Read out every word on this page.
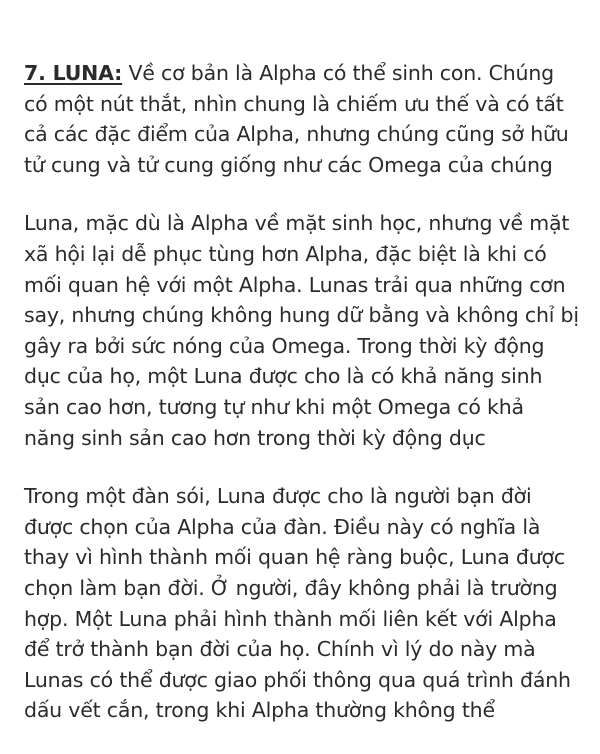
7. LUNA: Về cơ bản là Alpha có thể sinh con. Chúng có một nút thắt, nhìn chung là chiếm ưu thế và có tất cả các đặc điểm của Alpha, nhưng chúng cũng sở hữu tử cung và tử cung giống như các Omega của chúng

Luna, mặc dù là Alpha về mặt sinh học, nhưng về mặt xã hội lại dễ phục tùng hơn Alpha, đặc biệt là khi có mối quan hệ với một Alpha. Lunas trải qua những cơn say, nhưng chúng không hung dữ bằng và không chỉ bị gây ra bởi sức nóng của Omega. Trong thời kỳ động dục của họ, một Luna được cho là có khả năng sinh sản cao hơn, tương tự như khi một Omega có khả năng sinh sản cao hơn trong thời kỳ động dục

Trong một đàn sói, Luna được cho là người bạn đời được chọn của Alpha của đàn. Điều này có nghĩa là thay vì hình thành mối quan hệ ràng buộc, Luna được chọn làm bạn đời. Ở người, đây không phải là trường hợp. Một Luna phải hình thành mối liên kết với Alpha để trở thành bạn đời của họ. Chính vì lý do này mà Lunas có thể được giao phối thông qua quá trình đánh dấu vết cắn, trong khi Alpha thường không thể
